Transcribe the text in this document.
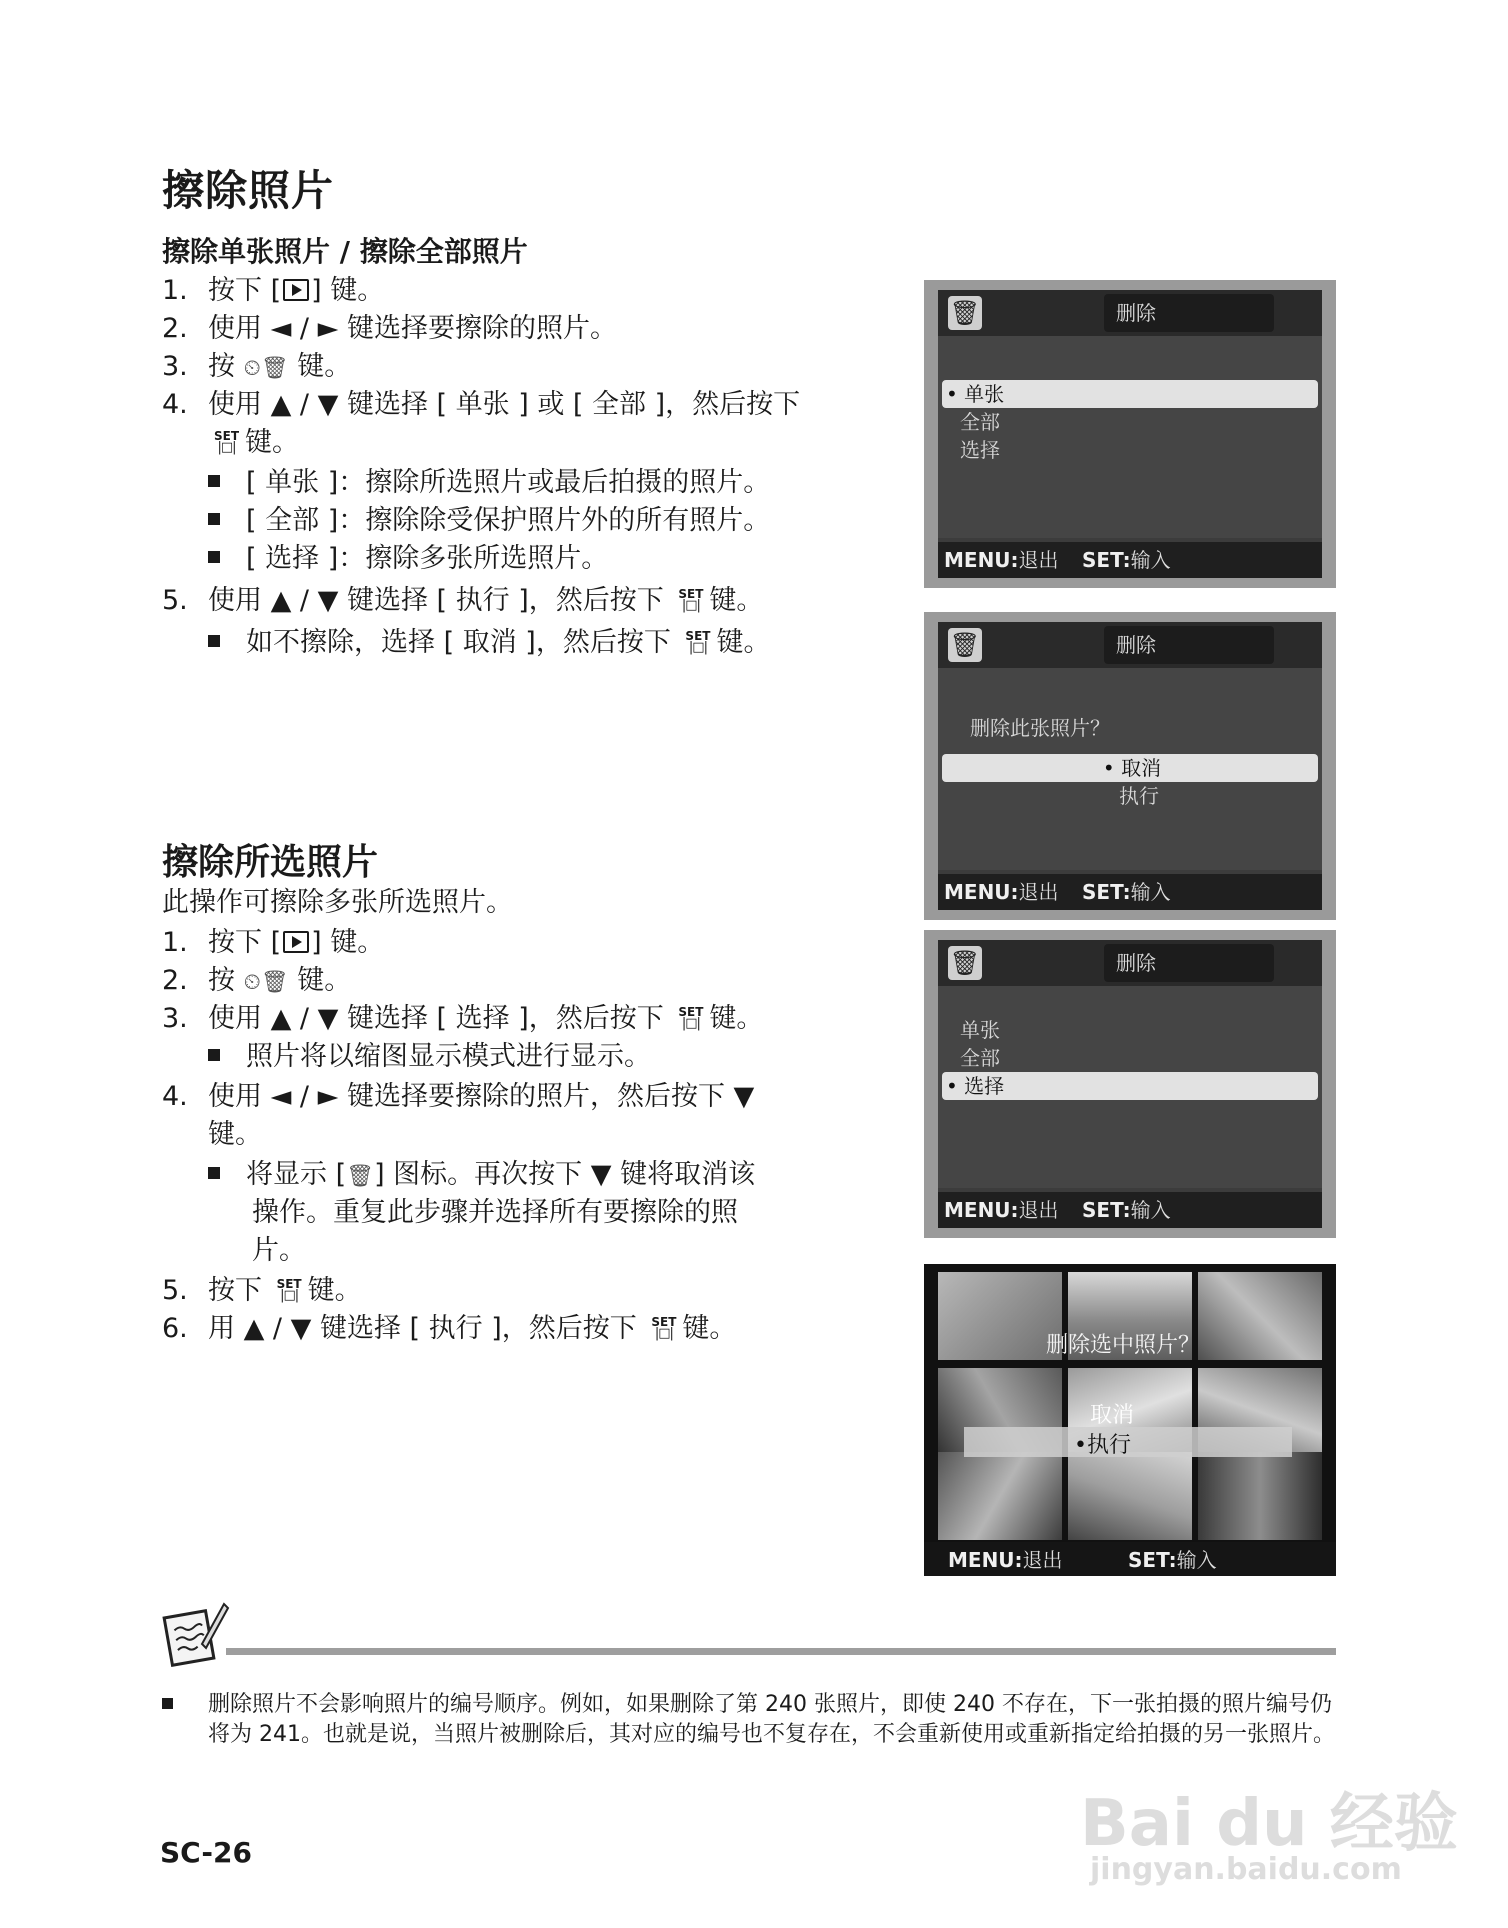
擦除照片
擦除单张照片 / 擦除全部照片
1. 按下 [ ] 键。
2. 使用 ◄ / ► 键选择要擦除的照片。
3. 按 ⏲🗑 键。
4. 使用 ▲ / ▼ 键选择 [ 单张 ] 或 [ 全部 ]，然后按下
SET
|□| 键。
[ 单张 ]：擦除所选照片或最后拍摄的照片。
[ 全部 ]：擦除除受保护照片外的所有照片。
[ 选择 ]：擦除多张所选照片。
5. 使用 ▲ / ▼ 键选择 [ 执行 ]，然后按下 SET
|□| 键。
如不擦除，选择 [ 取消 ]，然后按下 SET
|□| 键。
擦除所选照片
此操作可擦除多张所选照片。
1. 按下 [ ] 键。
2. 按 ⏲🗑 键。
3. 使用 ▲ / ▼ 键选择 [ 选择 ]，然后按下 SET
|□| 键。
照片将以缩图显示模式进行显示。
4. 使用 ◄ / ► 键选择要擦除的照片，然后按下 ▼
键。
将显示 [🗑] 图标。再次按下 ▼ 键将取消该
操作。重复此步骤并选择所有要擦除的照
片。
5. 按下 SET
|□| 键。
6. 用 ▲ / ▼ 键选择 [ 执行 ]，然后按下 SET
|□| 键。
🗑	删除
• 单张
全部
选择
MENU:退出 SET:输入
🗑	删除
删除此张照片？
• 取消
执行
MENU:退出 SET:输入
🗑	删除
单张
全部
• 选择
MENU:退出 SET:输入
删除选中照片？
取消
•执行
MENU:退出	SET:输入
删除照片不会影响照片的编号顺序。例如，如果删除了第 240 张照片，即使 240 不存在，下一张拍摄的照片编号仍将为 241。也就是说，当照片被删除后，其对应的编号也不复存在，不会重新使用或重新指定给拍摄的另一张照片。
SC-26	Bai du 经验
jingyan.baidu.com
